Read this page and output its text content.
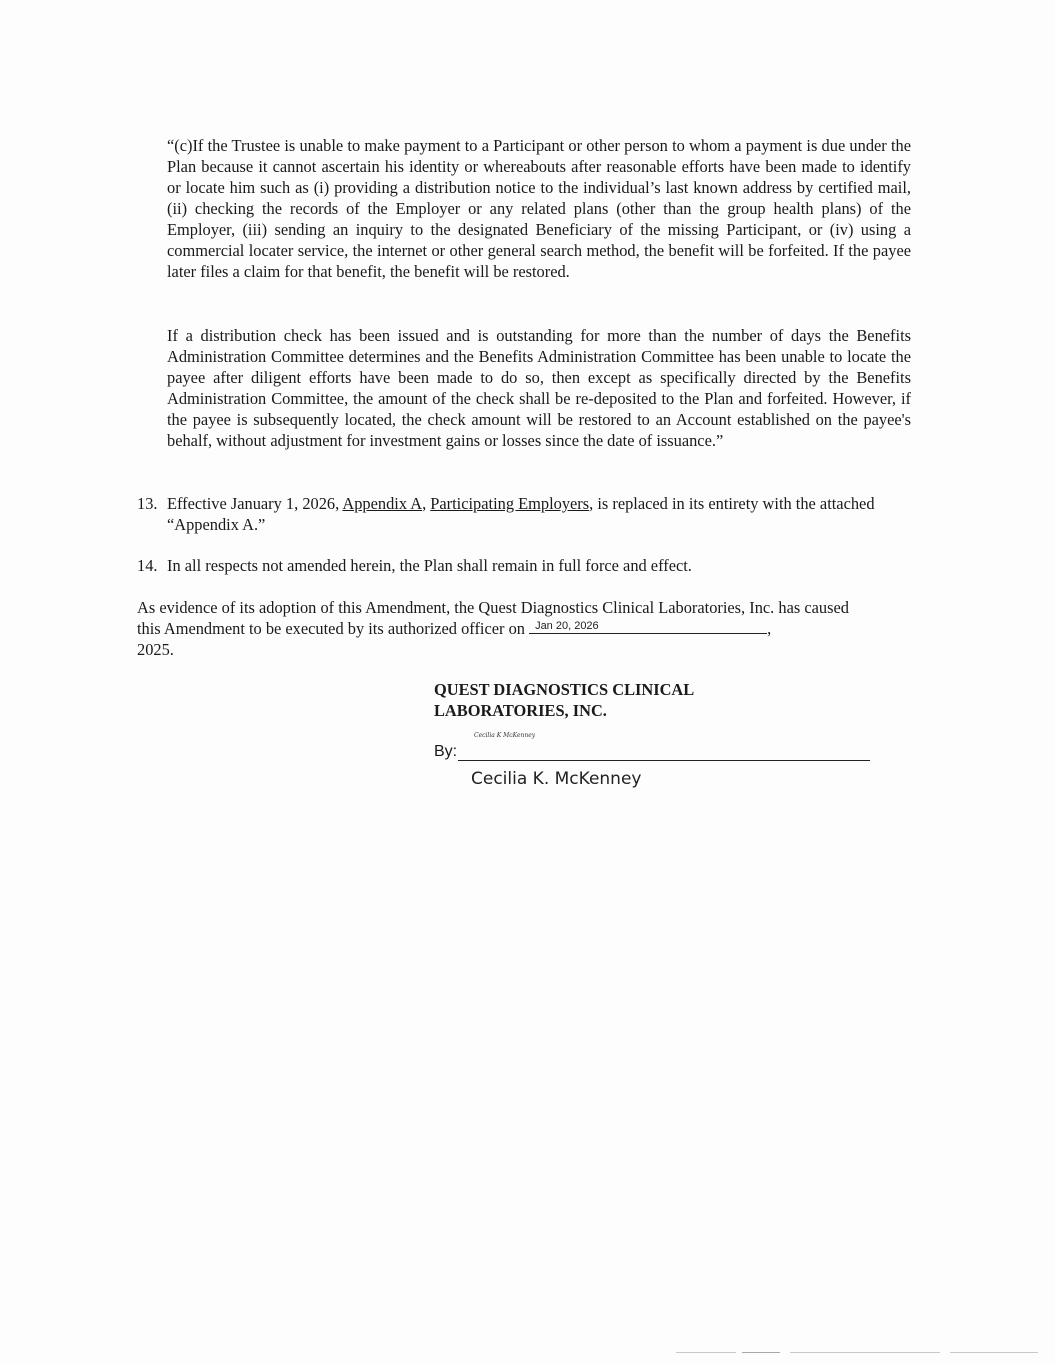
“(c)If the Trustee is unable to make payment to a Participant or other person to whom a payment is due under the Plan because it cannot ascertain his identity or whereabouts after reasonable efforts have been made to identify or locate him such as (i) providing a distribution notice to the individual’s last known address by certified mail, (ii) checking the records of the Employer or any related plans (other than the group health plans) of the Employer, (iii) sending an inquiry to the designated Beneficiary of the missing Participant, or (iv) using a commercial locater service, the internet or other general search method, the benefit will be forfeited. If the payee later files a claim for that benefit, the benefit will be restored.

If a distribution check has been issued and is outstanding for more than the number of days the Benefits Administration Committee determines and the Benefits Administration Committee has been unable to locate the payee after diligent efforts have been made to do so, then except as specifically directed by the Benefits Administration Committee, the amount of the check shall be re-deposited to the Plan and forfeited. However, if the payee is subsequently located, the check amount will be restored to an Account established on the payee's behalf, without adjustment for investment gains or losses since the date of issuance.”

13. Effective January 1, 2026, Appendix A, Participating Employers, is replaced in its entirety with the attached “Appendix A.”

14. In all respects not amended herein, the Plan shall remain in full force and effect.

As evidence of its adoption of this Amendment, the Quest Diagnostics Clinical Laboratories, Inc. has caused this Amendment to be executed by its authorized officer on Jan 20, 2026	,
2025.

QUEST DIAGNOSTICS CLINICAL
LABORATORIES, INC.

By:
Cecilia K McKenney
Cecilia K. McKenney
